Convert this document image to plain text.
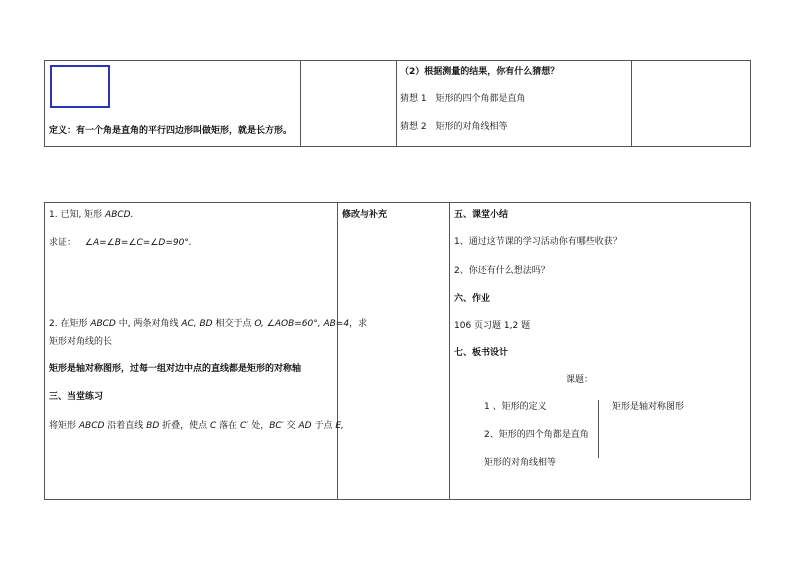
定义：有一个角是直角的平行四边形叫做矩形，就是长方形。
（2）根据测量的结果，你有什么猜想？
猜想 1 矩形的四个角都是直角
猜想 2 矩形的对角线相等
1. 已知, 矩形 ABCD.
求证： ∠A=∠B=∠C=∠D=90°.
2. 在矩形 ABCD 中, 两条对角线 AC, BD 相交于点 O, ∠AOB=60°, AB=4，求
矩形对角线的长
矩形是轴对称图形，过每一组对边中点的直线都是矩形的对称轴
三、当堂练习
将矩形 ABCD 沿着直线 BD 折叠，使点 C 落在 C′ 处，BC′ 交 AD 于点 E,
修改与补充	五、课堂小结
1、通过这节课的学习活动你有哪些收获？
2、你还有什么想法吗？
六、作业
106 页习题 1,2 题
七、板书设计
课题：
1 、矩形的定义
2、矩形的四个角都是直角
矩形的对角线相等
矩形是轴对称图形
